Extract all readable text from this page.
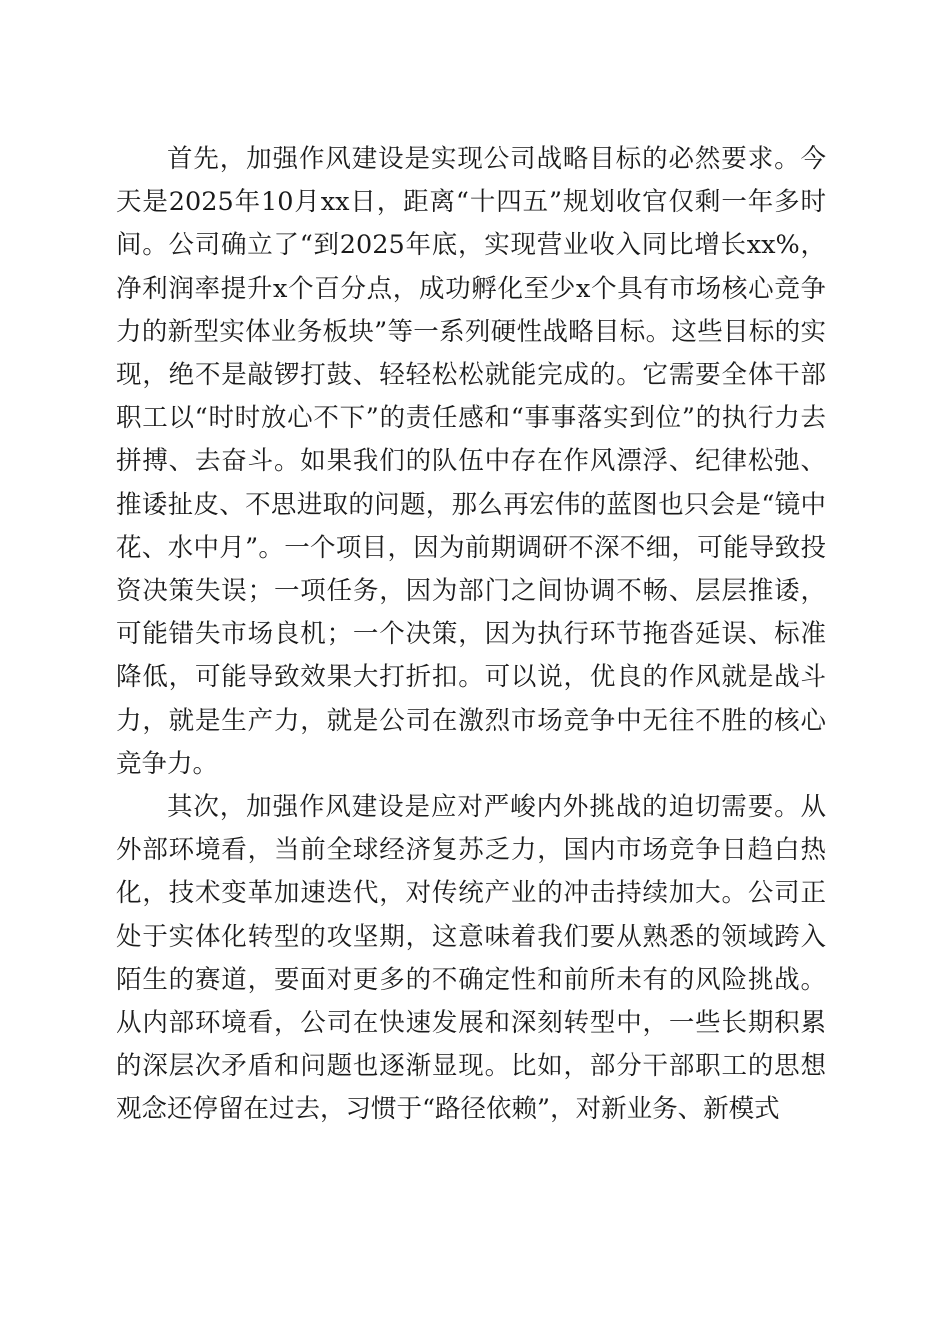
首先，加强作风建设是实现公司战略目标的必然要求。今天是2025年10月xx日，距离“十四五”规划收官仅剩一年多时间。公司确立了“到2025年底，实现营业收入同比增长xx%，净利润率提升x个百分点，成功孵化至少x个具有市场核心竞争力的新型实体业务板块”等一系列硬性战略目标。这些目标的实现，绝不是敲锣打鼓、轻轻松松就能完成的。它需要全体干部职工以“时时放心不下”的责任感和“事事落实到位”的执行力去拼搏、去奋斗。如果我们的队伍中存在作风漂浮、纪律松弛、推诿扯皮、不思进取的问题，那么再宏伟的蓝图也只会是“镜中花、水中月”。一个项目，因为前期调研不深不细，可能导致投资决策失误；一项任务，因为部门之间协调不畅、层层推诿，可能错失市场良机；一个决策，因为执行环节拖沓延误、标准降低，可能导致效果大打折扣。可以说，优良的作风就是战斗力，就是生产力，就是公司在激烈市场竞争中无往不胜的核心竞争力。

其次，加强作风建设是应对严峻内外挑战的迫切需要。从外部环境看，当前全球经济复苏乏力，国内市场竞争日趋白热化，技术变革加速迭代，对传统产业的冲击持续加大。公司正处于实体化转型的攻坚期，这意味着我们要从熟悉的领域跨入陌生的赛道，要面对更多的不确定性和前所未有的风险挑战。从内部环境看，公司在快速发展和深刻转型中，一些长期积累的深层次矛盾和问题也逐渐显现。比如，部分干部职工的思想观念还停留在过去，习惯于“路径依赖”，对新业务、新模式
